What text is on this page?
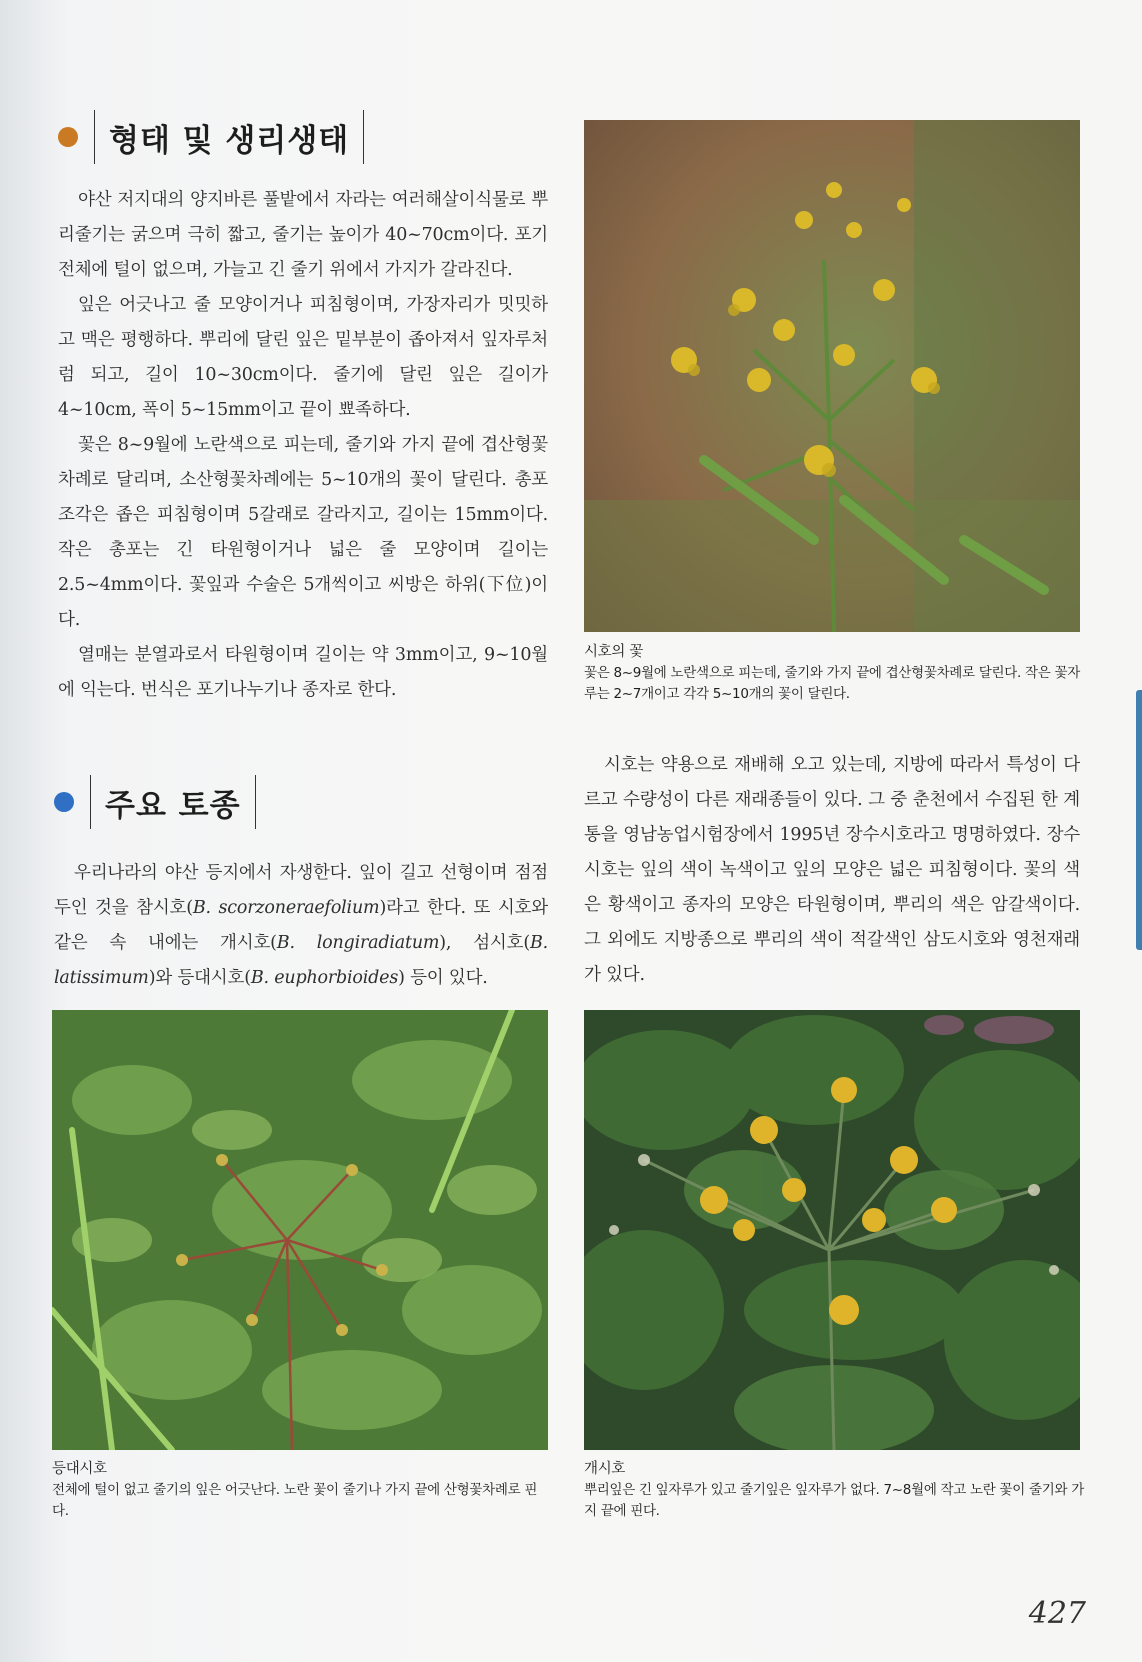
형태 및 생리생태

야산 저지대의 양지바른 풀밭에서 자라는 여러해살이식물로 뿌리줄기는 굵으며 극히 짧고, 줄기는 높이가 40~70cm이다. 포기 전체에 털이 없으며, 가늘고 긴 줄기 위에서 가지가 갈라진다.

잎은 어긋나고 줄 모양이거나 피침형이며, 가장자리가 밋밋하고 맥은 평행하다. 뿌리에 달린 잎은 밑부분이 좁아져서 잎자루처럼 되고, 길이 10~30cm이다. 줄기에 달린 잎은 길이가 4~10cm, 폭이 5~15mm이고 끝이 뾰족하다.

꽃은 8~9월에 노란색으로 피는데, 줄기와 가지 끝에 겹산형꽃차례로 달리며, 소산형꽃차례에는 5~10개의 꽃이 달린다. 총포조각은 좁은 피침형이며 5갈래로 갈라지고, 길이는 15mm이다. 작은 총포는 긴 타원형이거나 넓은 줄 모양이며 길이는 2.5~4mm이다. 꽃잎과 수술은 5개씩이고 씨방은 하위(下位)이다.

열매는 분열과로서 타원형이며 길이는 약 3mm이고, 9~10월에 익는다. 번식은 포기나누기나 종자로 한다.

주요 토종

우리나라의 야산 등지에서 자생한다. 잎이 길고 선형이며 점점두인 것을 참시호(B. scorzoneraefolium)라고 한다. 또 시호와 같은 속 내에는 개시호(B. longiradiatum), 섬시호(B. latissimum)와 등대시호(B. euphorbioides) 등이 있다.

시호는 약용으로 재배해 오고 있는데, 지방에 따라서 특성이 다르고 수량성이 다른 재래종들이 있다. 그 중 춘천에서 수집된 한 계통을 영남농업시험장에서 1995년 장수시호라고 명명하였다. 장수시호는 잎의 색이 녹색이고 잎의 모양은 넓은 피침형이다. 꽃의 색은 황색이고 종자의 모양은 타원형이며, 뿌리의 색은 암갈색이다. 그 외에도 지방종으로 뿌리의 색이 적갈색인 삼도시호와 영천재래가 있다.

시호의 꽃
꽃은 8~9월에 노란색으로 피는데, 줄기와 가지 끝에 겹산형꽃차례로 달린다. 작은 꽃자루는 2~7개이고 각각 5~10개의 꽃이 달린다.
등대시호
전체에 털이 없고 줄기의 잎은 어긋난다. 노란 꽃이 줄기나 가지 끝에 산형꽃차례로 핀다.
개시호
뿌리잎은 긴 잎자루가 있고 줄기잎은 잎자루가 없다. 7~8월에 작고 노란 꽃이 줄기와 가지 끝에 핀다.
427
